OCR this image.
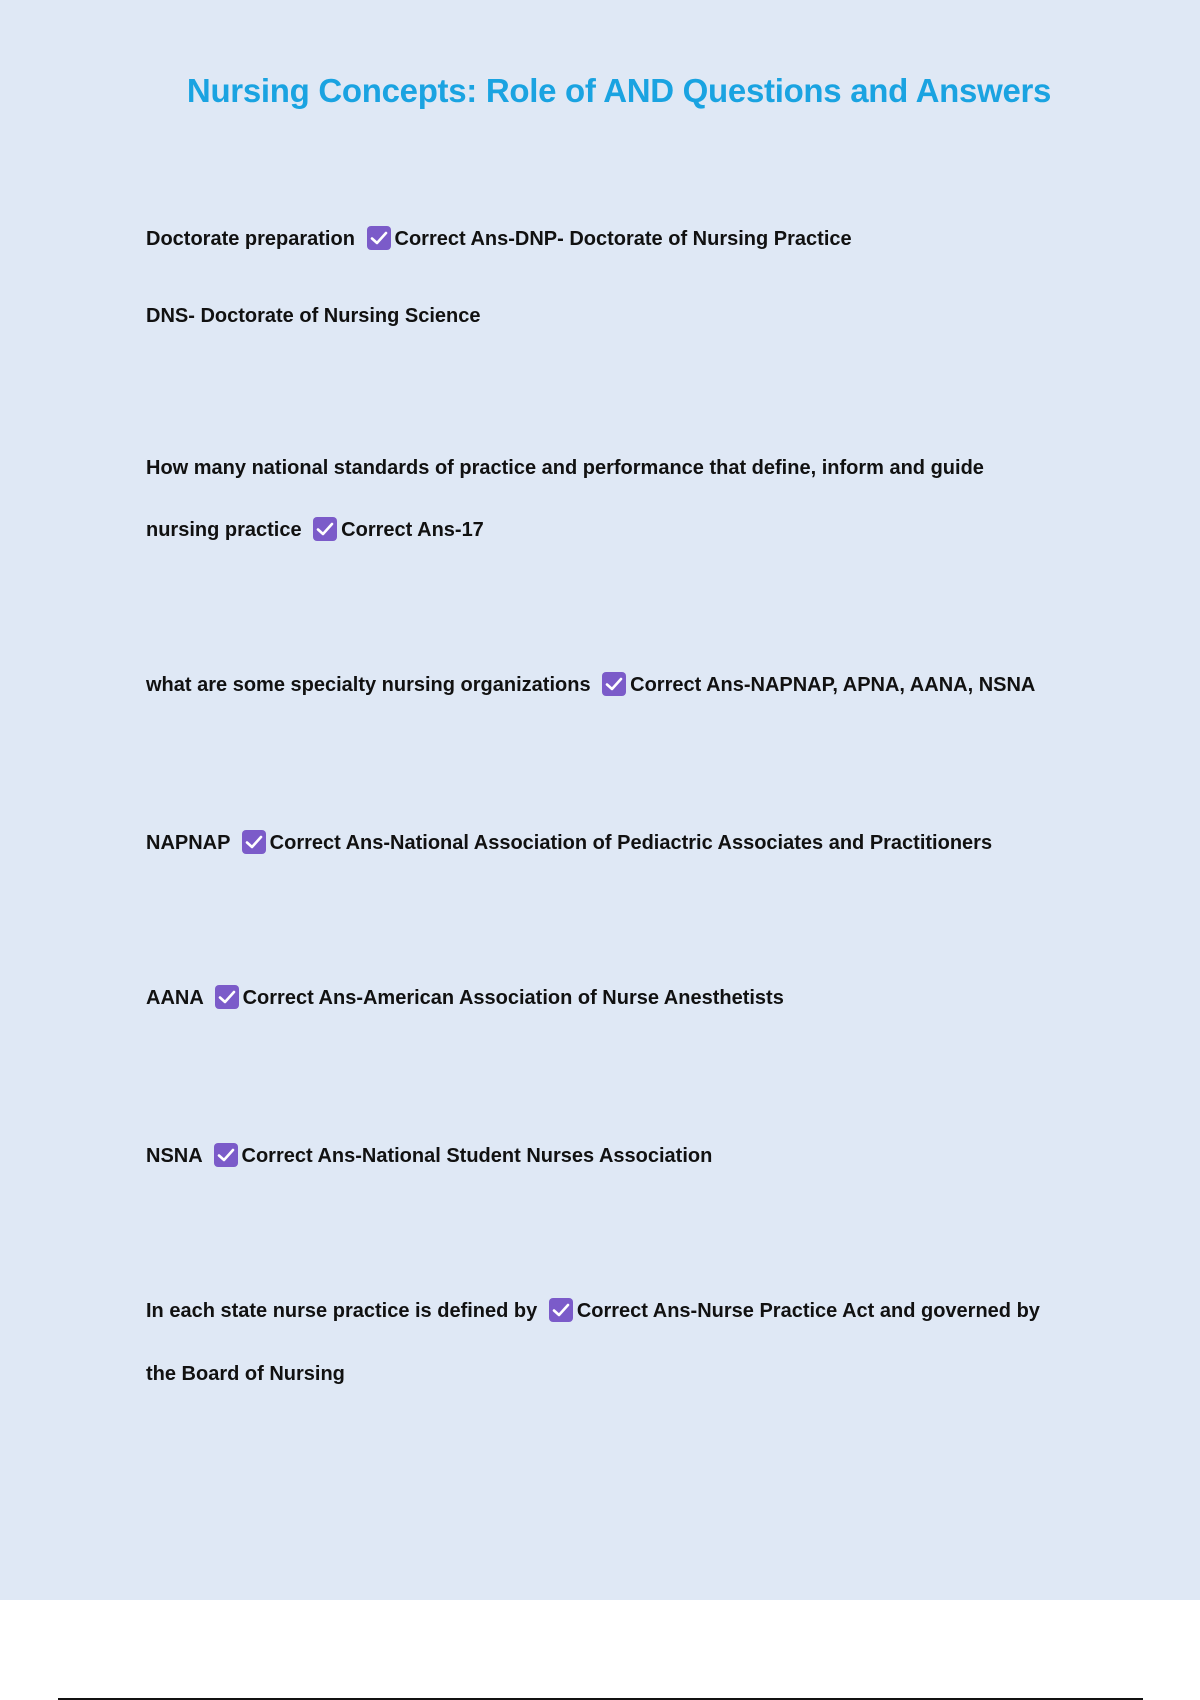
Nursing Concepts: Role of AND Questions and Answers

Doctorate preparation Correct Ans-DNP- Doctorate of Nursing Practice

DNS- Doctorate of Nursing Science

How many national standards of practice and performance that define, inform and guide

nursing practice Correct Ans-17

what are some specialty nursing organizations Correct Ans-NAPNAP, APNA, AANA, NSNA

NAPNAP Correct Ans-National Association of Pediactric Associates and Practitioners

AANA Correct Ans-American Association of Nurse Anesthetists

NSNA Correct Ans-National Student Nurses Association

In each state nurse practice is defined by Correct Ans-Nurse Practice Act and governed by

the Board of Nursing
